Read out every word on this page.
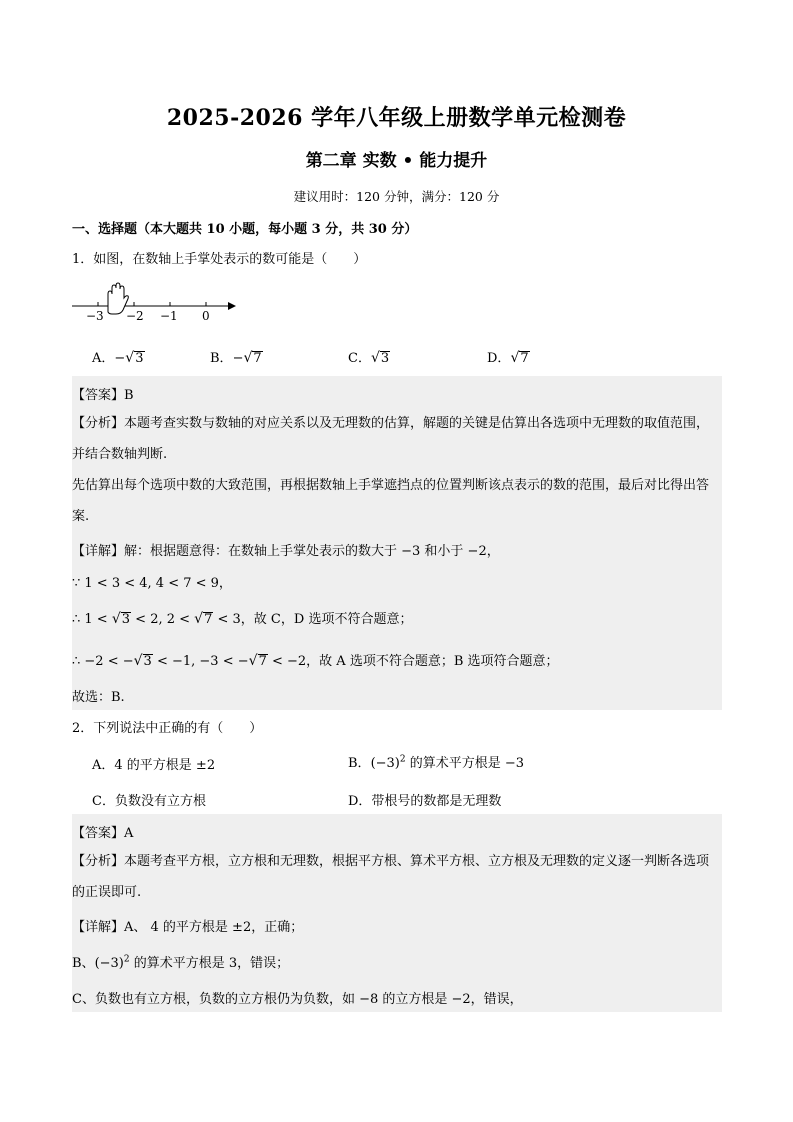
2025-2026 学年八年级上册数学单元检测卷
第二章 实数 • 能力提升
建议用时：120 分钟，满分：120 分
一、选择题（本大题共 10 小题，每小题 3 分，共 30 分）
1．如图，在数轴上手掌处表示的数可能是（　　）
−3 −2 −1 0
A．−√3	B．−√7	C．√3	D．√7
【答案】B
【分析】本题考查实数与数轴的对应关系以及无理数的估算，解题的关键是估算出各选项中无理数的取值范围，并结合数轴判断.
先估算出每个选项中数的大致范围，再根据数轴上手掌遮挡点的位置判断该点表示的数的范围，最后对比得出答案.
【详解】解：根据题意得：在数轴上手掌处表示的数大于 −3 和小于 −2，
∵ 1 < 3 < 4, 4 < 7 < 9，
∴ 1 < √3 < 2, 2 < √7 < 3，故 C，D 选项不符合题意；
∴ −2 < −√3 < −1, −3 < −√7 < −2，故 A 选项不符合题意；B 选项符合题意；
故选：B.
2．下列说法中正确的有（　　）
A．4 的平方根是 ±2	B．$(-3)^2$ 的算术平方根是 −3
C．负数没有立方根	D．带根号的数都是无理数
【答案】A
【分析】本题考查平方根，立方根和无理数，根据平方根、算术平方根、立方根及无理数的定义逐一判断各选项的正误即可.
【详解】A、 4 的平方根是 ±2，正确；
B、$(-3)^2$ 的算术平方根是 3，错误；
C、负数也有立方根，负数的立方根仍为负数，如 −8 的立方根是 −2，错误，
